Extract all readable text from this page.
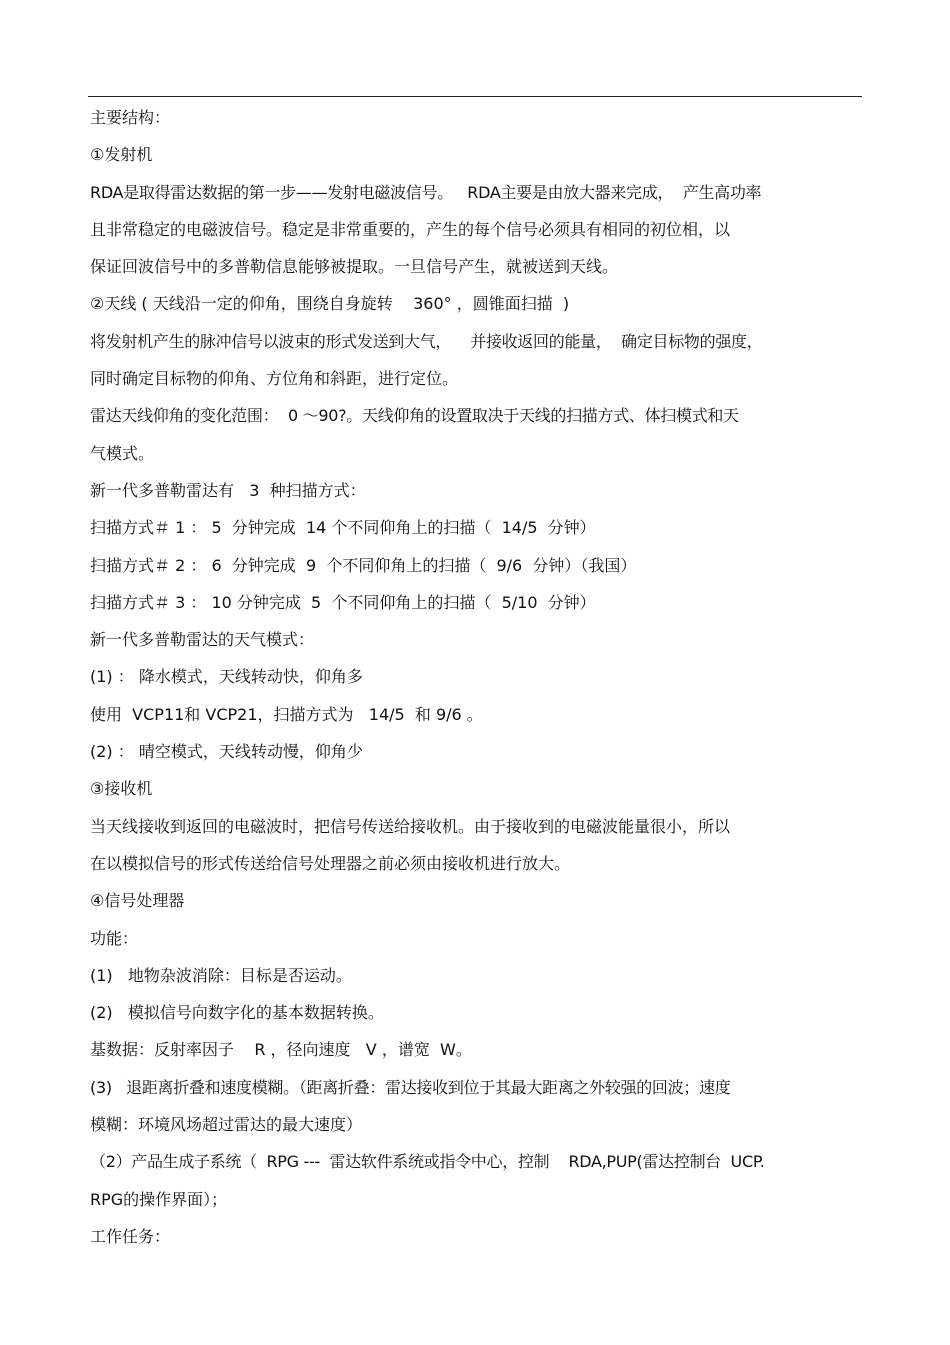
主要结构：
①发射机
RDA是取得雷达数据的第一步——发射电磁波信号。   RDA主要是由放大器来完成，  产生高功率
且非常稳定的电磁波信号。稳定是非常重要的，产生的每个信号必须具有相同的初位相，以
保证回波信号中的多普勒信息能够被提取。一旦信号产生，就被送到天线。
②天线 ( 天线沿一定的仰角，围绕自身旋转    360° ，圆锥面扫描  )
将发射机产生的脉冲信号以波束的形式发送到大气，    并接收返回的能量，  确定目标物的强度，
同时确定目标物的仰角、方位角和斜距，进行定位。
雷达天线仰角的变化范围：  0 ～90?。天线仰角的设置取决于天线的扫描方式、体扫模式和天
气模式。
新一代多普勒雷达有   3  种扫描方式：
扫描方式＃ 1 ： 5  分钟完成  14 个不同仰角上的扫描（  14/5  分钟）
扫描方式＃ 2 ： 6  分钟完成  9  个不同仰角上的扫描（  9/6  分钟）（我国）
扫描方式＃ 3 ： 10 分钟完成  5  个不同仰角上的扫描（  5/10  分钟）
新一代多普勒雷达的天气模式：
(1) ： 降水模式，天线转动快，仰角多
使用  VCP11和 VCP21，扫描方式为   14/5  和 9/6 。
(2) ： 晴空模式，天线转动慢，仰角少
③接收机
当天线接收到返回的电磁波时，把信号传送给接收机。由于接收到的电磁波能量很小，所以
在以模拟信号的形式传送给信号处理器之前必须由接收机进行放大。
④信号处理器
功能：
(1)   地物杂波消除：目标是否运动。
(2)   模拟信号向数字化的基本数据转换。
基数据：反射率因子    R ，径向速度   V ，谱宽  W。
(3)   退距离折叠和速度模糊。（距离折叠：雷达接收到位于其最大距离之外较强的回波；速度
模糊：环境风场超过雷达的最大速度）
（2）产品生成子系统（  RPG ---  雷达软件系统或指令中心，控制    RDA,PUP(雷达控制台  UCP.
RPG的操作界面）；
工作任务：
